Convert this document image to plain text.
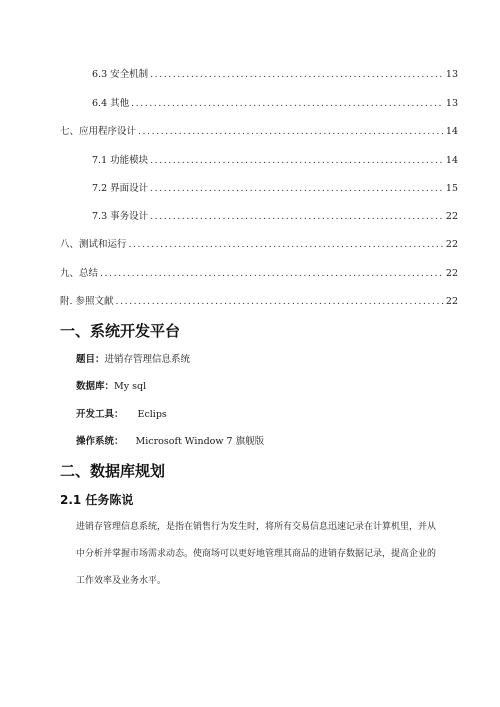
6.3 安全机制 .....	13
6.4 其他 .....	13
七、应用程序设计 .....	14
7.1 功能模块 .....	14
7.2 界面设计 .....	15
7.3 事务设计 .....	22
八、测试和运行 .....	22
九、总结 .....	22
附. 参照文献 .....	22
一、系统开发平台
题目：进销存管理信息系统
数据库：My sql
开发工具： Eclips
操作系统： Microsoft Window 7 旗舰版
二、数据库规划
2.1 任务陈说
进销存管理信息系统，是指在销售行为发生时，将所有交易信息迅速记录在计算机里，并从
中分析并掌握市场需求动态。使商场可以更好地管理其商品的进销存数据记录，提高企业的
工作效率及业务水平。
